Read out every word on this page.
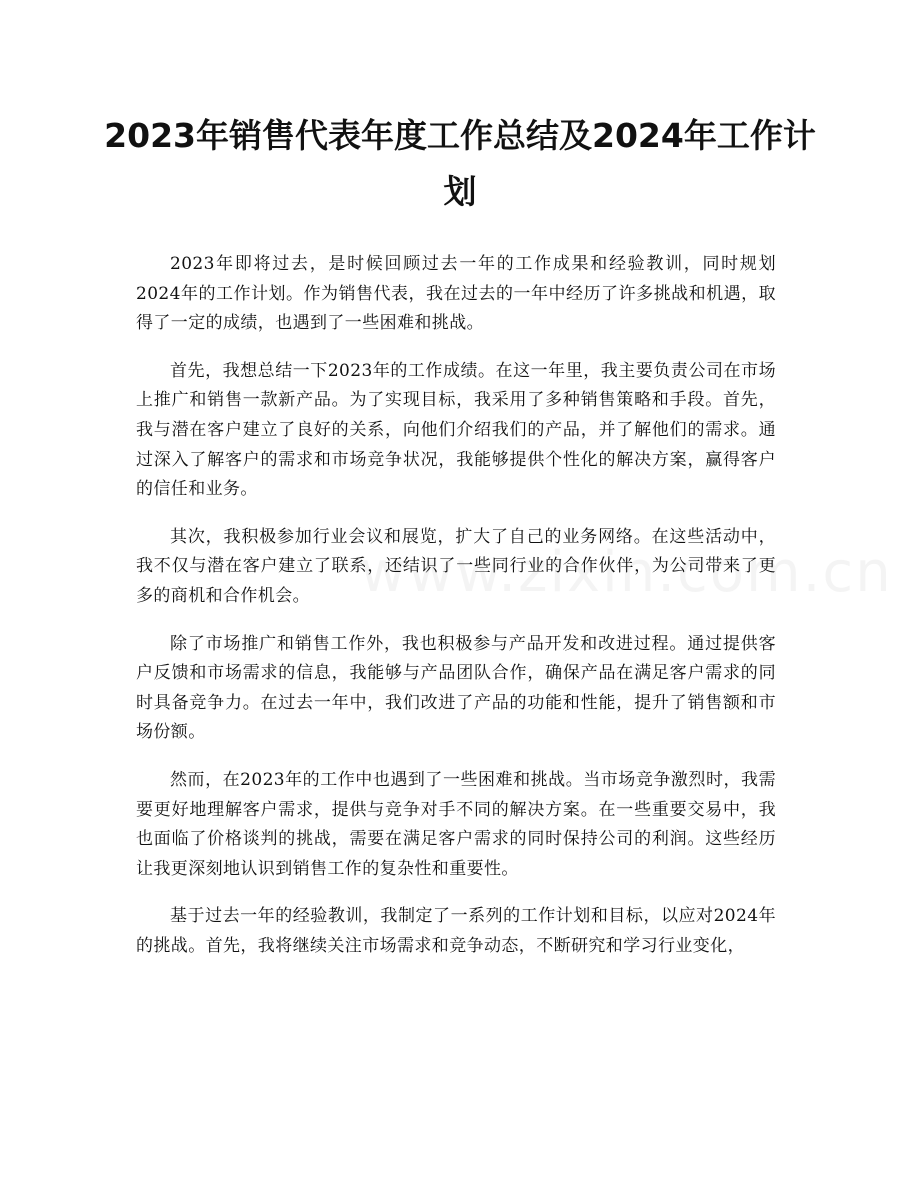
2023年销售代表年度工作总结及2024年工作计划

2023年即将过去，是时候回顾过去一年的工作成果和经验教训，同时规划2024年的工作计划。作为销售代表，我在过去的一年中经历了许多挑战和机遇，取得了一定的成绩，也遇到了一些困难和挑战。

首先，我想总结一下2023年的工作成绩。在这一年里，我主要负责公司在市场上推广和销售一款新产品。为了实现目标，我采用了多种销售策略和手段。首先，我与潜在客户建立了良好的关系，向他们介绍我们的产品，并了解他们的需求。通过深入了解客户的需求和市场竞争状况，我能够提供个性化的解决方案，赢得客户的信任和业务。

其次，我积极参加行业会议和展览，扩大了自己的业务网络。在这些活动中，我不仅与潜在客户建立了联系，还结识了一些同行业的合作伙伴，为公司带来了更多的商机和合作机会。

除了市场推广和销售工作外，我也积极参与产品开发和改进过程。通过提供客户反馈和市场需求的信息，我能够与产品团队合作，确保产品在满足客户需求的同时具备竞争力。在过去一年中，我们改进了产品的功能和性能，提升了销售额和市场份额。

然而，在2023年的工作中也遇到了一些困难和挑战。当市场竞争激烈时，我需要更好地理解客户需求，提供与竞争对手不同的解决方案。在一些重要交易中，我也面临了价格谈判的挑战，需要在满足客户需求的同时保持公司的利润。这些经历让我更深刻地认识到销售工作的复杂性和重要性。

基于过去一年的经验教训，我制定了一系列的工作计划和目标，以应对2024年的挑战。首先，我将继续关注市场需求和竞争动态，不断研究和学习行业变化，
